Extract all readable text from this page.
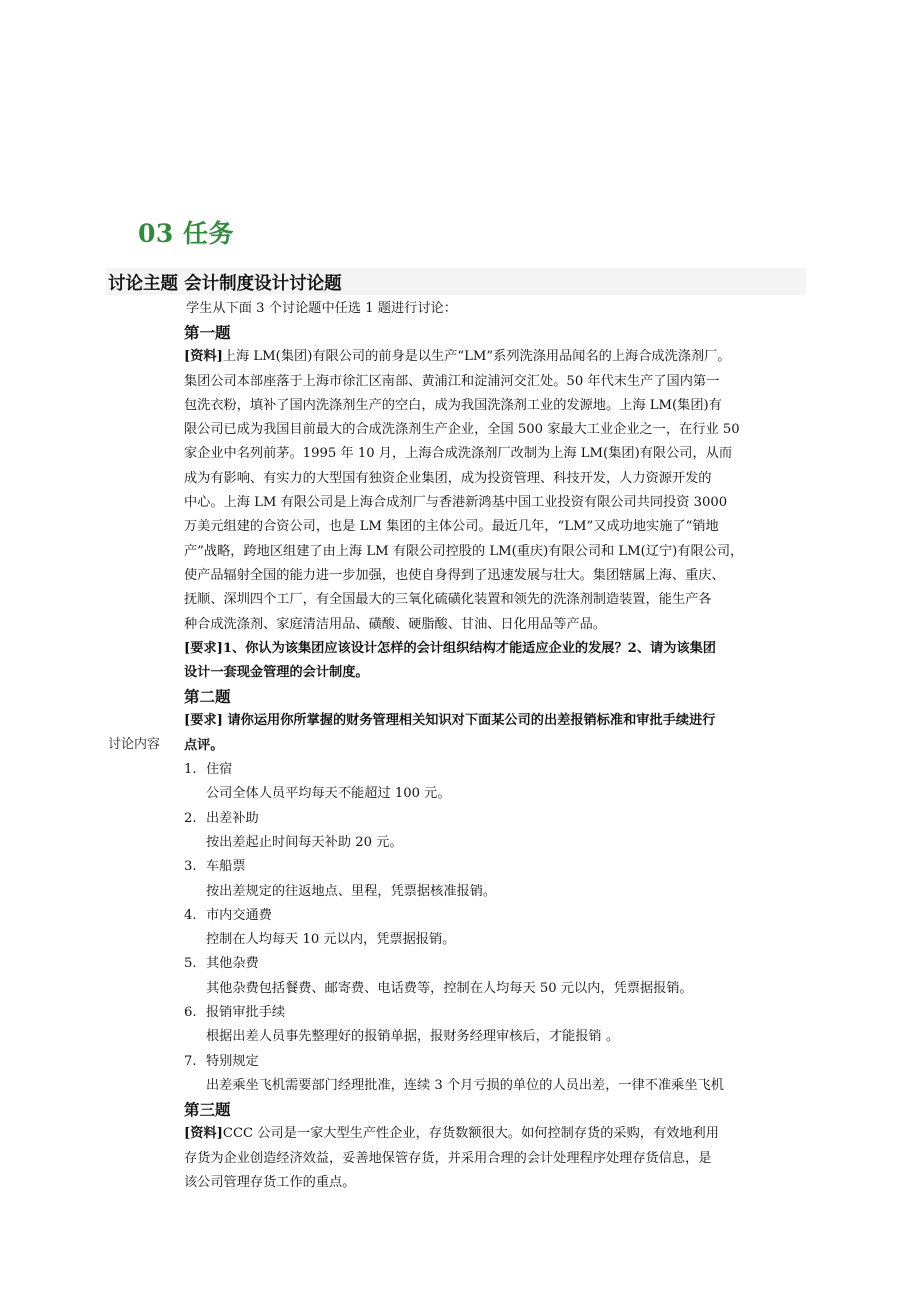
03 任务
讨论主题 会计制度设计讨论题
讨论内容
学生从下面 3 个讨论题中任选 1 题进行讨论：
第一题
[资料]上海 LM(集团)有限公司的前身是以生产“LM”系列洗涤用品闻名的上海合成洗涤剂厂。
集团公司本部座落于上海市徐汇区南部、黄浦江和淀浦河交汇处。50 年代末生产了国内第一
包洗衣粉，填补了国内洗涤剂生产的空白，成为我国洗涤剂工业的发源地。上海 LM(集团)有
限公司已成为我国目前最大的合成洗涤剂生产企业，全国 500 家最大工业企业之一，在行业 50
家企业中名列前茅。1995 年 10 月，上海合成洗涤剂厂改制为上海 LM(集团)有限公司，从而
成为有影响、有实力的大型国有独资企业集团，成为投资管理、科技开发，人力资源开发的
中心。上海 LM 有限公司是上海合成剂厂与香港新鸿基中国工业投资有限公司共同投资 3000
万美元组建的合资公司，也是 LM 集团的主体公司。最近几年，“LM”又成功地实施了“销地
产”战略，跨地区组建了由上海 LM 有限公司控股的 LM(重庆)有限公司和 LM(辽宁)有限公司，
使产品辐射全国的能力进一步加强，也使自身得到了迅速发展与壮大。集团辖属上海、重庆、
抚顺、深圳四个工厂，有全国最大的三氧化硫磺化装置和领先的洗涤剂制造装置，能生产各
种合成洗涤剂、家庭清洁用品、磺酸、硬脂酸、甘油、日化用品等产品。
[要求]1、你认为该集团应该设计怎样的会计组织结构才能适应企业的发展？2、请为该集团
设计一套现金管理的会计制度。
第二题
[要求] 请你运用你所掌握的财务管理相关知识对下面某公司的出差报销标准和审批手续进行
点评。
1. 住宿
公司全体人员平均每天不能超过 100 元。
2. 出差补助
按出差起止时间每天补助 20 元。
3. 车船票
按出差规定的往返地点、里程，凭票据核准报销。
4. 市内交通费
控制在人均每天 10 元以内，凭票据报销。
5. 其他杂费
其他杂费包括餐费、邮寄费、电话费等，控制在人均每天 50 元以内，凭票据报销。
6. 报销审批手续
根据出差人员事先整理好的报销单据，报财务经理审核后，才能报销 。
7. 特别规定
出差乘坐飞机需要部门经理批准，连续 3 个月亏损的单位的人员出差，一律不准乘坐飞机
第三题
[资料]CCC 公司是一家大型生产性企业，存货数额很大。如何控制存货的采购，有效地利用
存货为企业创造经济效益，妥善地保管存货，并采用合理的会计处理程序处理存货信息，是
该公司管理存货工作的重点。
